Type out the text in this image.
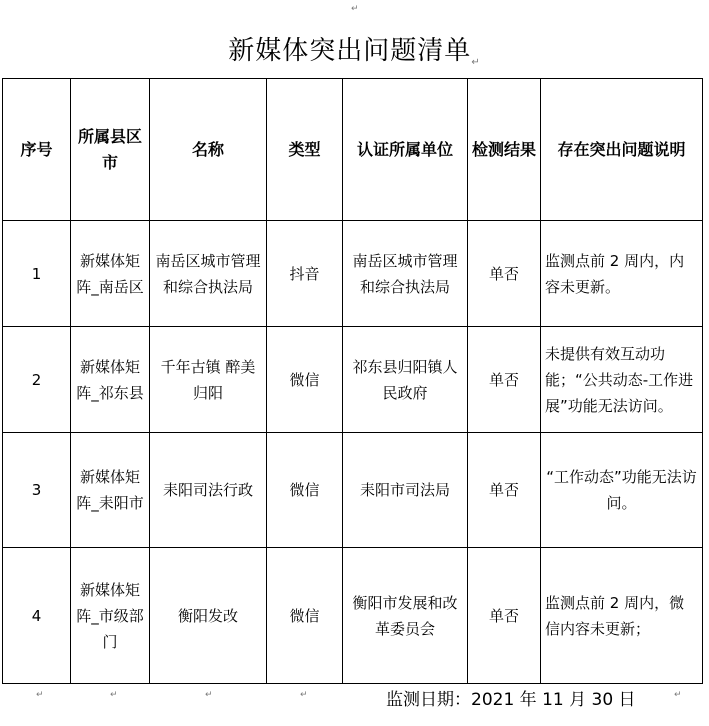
↵
新媒体突出问题清单$_↵$
序号	所属县区市	名称	类型	认证所属单位	检测结果	存在突出问题说明
1	新媒体矩阵_南岳区	南岳区城市管理和综合执法局	抖音	南岳区城市管理和综合执法局	单否	监测点前 2 周内，内容未更新。
2	新媒体矩阵_祁东县	千年古镇 醉美归阳	微信	祁东县归阳镇人民政府	单否	未提供有效互动功能；“公共动态-工作进展”功能无法访问。
3	新媒体矩阵_耒阳市	耒阳司法行政	微信	耒阳市司法局	单否	“工作动态”功能无法访问。
4	新媒体矩阵_市级部门	衡阳发改	微信	衡阳市发展和改革委员会	单否	监测点前 2 周内，微信内容未更新；
↵	↵	↵	↵	监测日期：2021 年 11 月 30 日	↵
